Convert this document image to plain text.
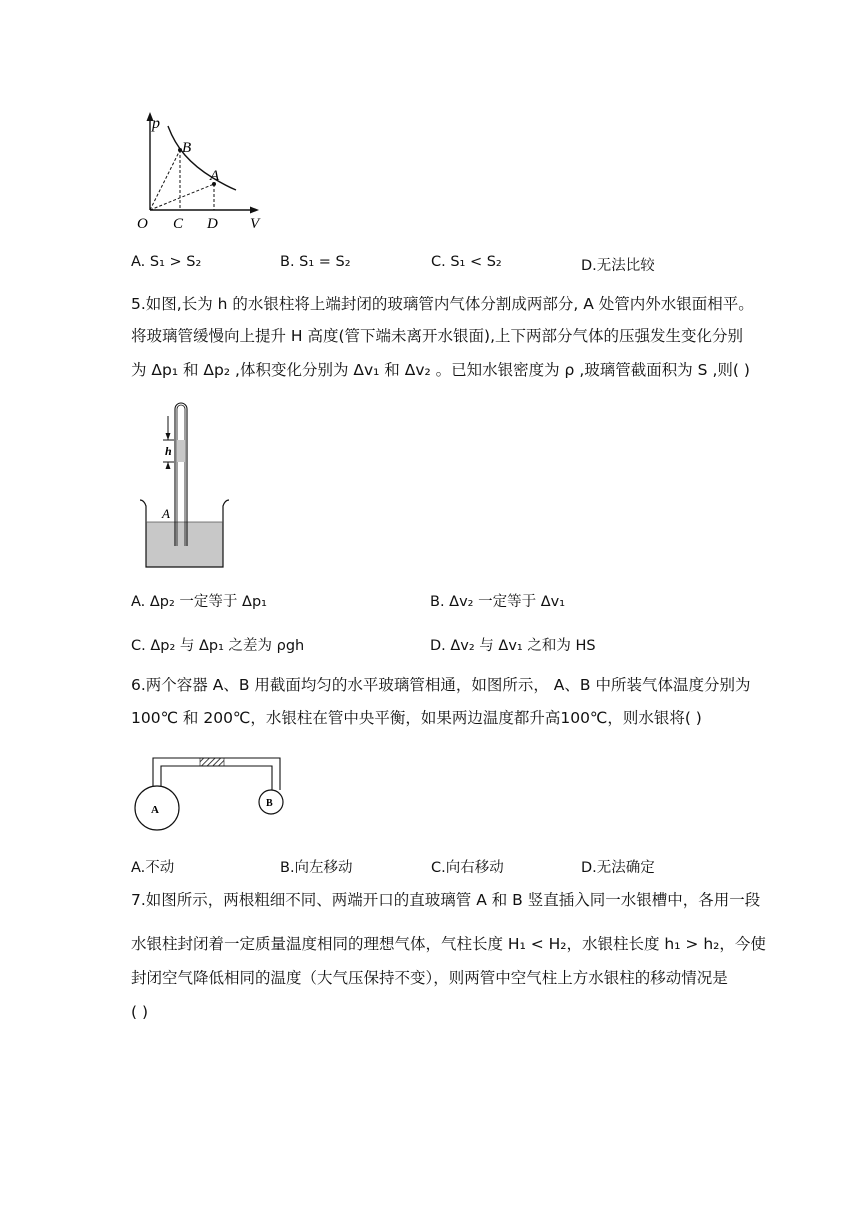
p
B
A
O C D V
A. S₁ > S₂	B. S₁ = S₂	C. S₁ < S₂	D.无法比较
5.如图,长为 h 的水银柱将上端封闭的玻璃管内气体分割成两部分, A 处管内外水银面相平。
将玻璃管缓慢向上提升 H 高度(管下端未离开水银面),上下两部分气体的压强发生变化分别
为 Δp₁ 和 Δp₂ ,体积变化分别为 Δv₁ 和 Δv₂ 。已知水银密度为 ρ ,玻璃管截面积为 S ,则( )
h
A
A. Δp₂ 一定等于 Δp₁	B. Δv₂ 一定等于 Δv₁
C. Δp₂ 与 Δp₁ 之差为 ρgh	D. Δv₂ 与 Δv₁ 之和为 HS
6.两个容器 A、B 用截面均匀的水平玻璃管相通，如图所示， A、B 中所装气体温度分别为
100℃ 和 200℃，水银柱在管中央平衡，如果两边温度都升高100℃，则水银将( )
A
B
A.不动	B.向左移动	C.向右移动	D.无法确定
7.如图所示，两根粗细不同、两端开口的直玻璃管 A 和 B 竖直插入同一水银槽中，各用一段
水银柱封闭着一定质量温度相同的理想气体，气柱长度 H₁ < H₂，水银柱长度 h₁ > h₂，今使
封闭空气降低相同的温度（大气压保持不变），则两管中空气柱上方水银柱的移动情况是
( )
